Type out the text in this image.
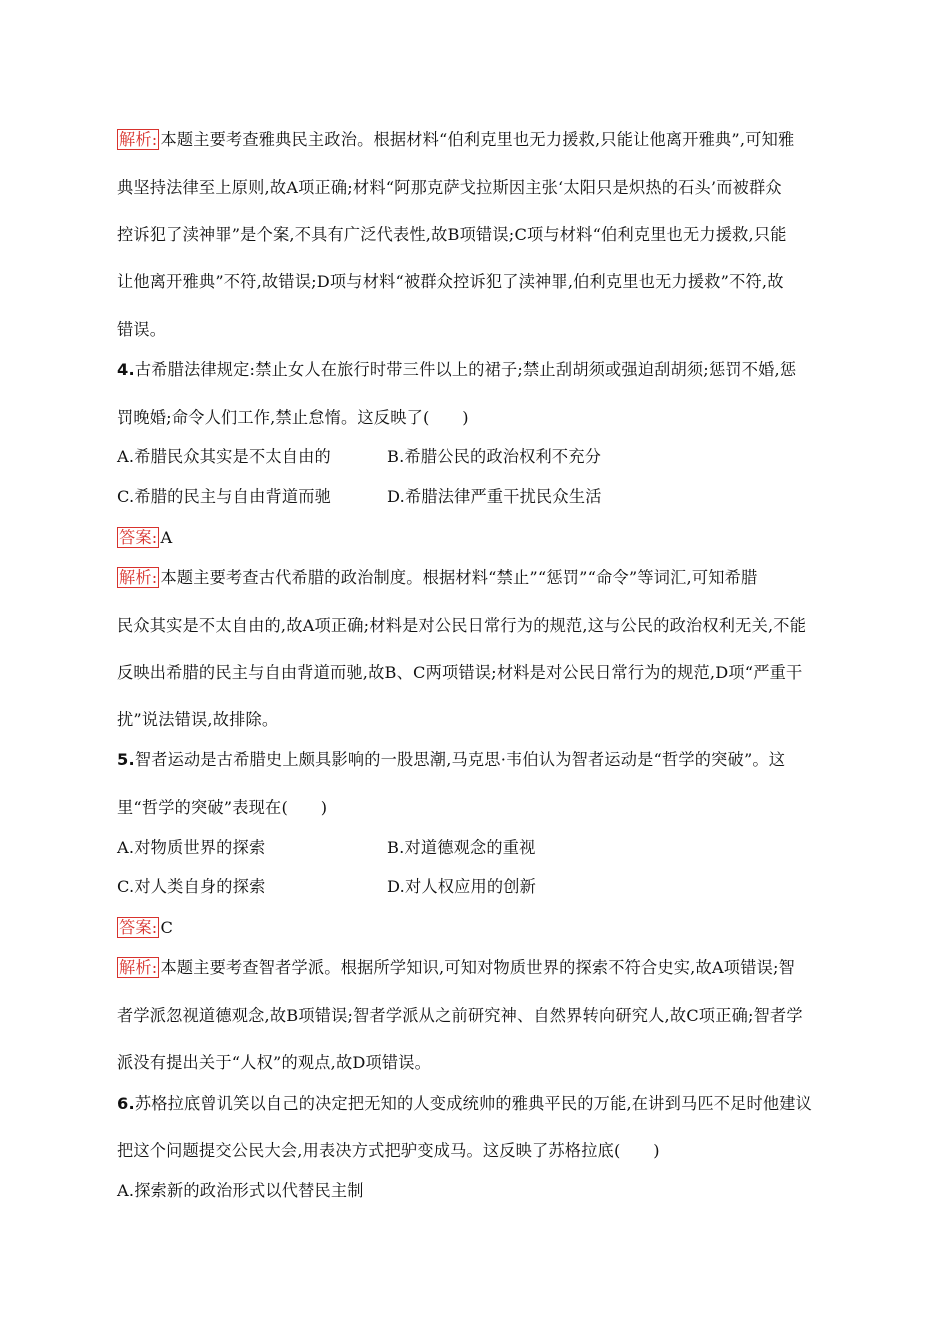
解析: 本题主要考查雅典民主政治。根据材料“伯利克里也无力援救,只能让他离开雅典”,可知雅
典坚持法律至上原则,故A项正确;材料“阿那克萨戈拉斯因主张‘太阳只是炽热的石头’而被群众
控诉犯了渎神罪”是个案,不具有广泛代表性,故B项错误;C项与材料“伯利克里也无力援救,只能
让他离开雅典”不符,故错误;D项与材料“被群众控诉犯了渎神罪,伯利克里也无力援救”不符,故
错误。
4.古希腊法律规定:禁止女人在旅行时带三件以上的裙子;禁止刮胡须或强迫刮胡须;惩罚不婚,惩
罚晚婚;命令人们工作,禁止怠惰。这反映了(　　)
A.希腊民众其实是不太自由的	B.希腊公民的政治权利不充分
C.希腊的民主与自由背道而驰	D.希腊法律严重干扰民众生活
答案: A
解析: 本题主要考查古代希腊的政治制度。根据材料“禁止”“惩罚”“命令”等词汇,可知希腊
民众其实是不太自由的,故A项正确;材料是对公民日常行为的规范,这与公民的政治权利无关,不能
反映出希腊的民主与自由背道而驰,故B、C两项错误;材料是对公民日常行为的规范,D项“严重干
扰”说法错误,故排除。
5.智者运动是古希腊史上颇具影响的一股思潮,马克思·韦伯认为智者运动是“哲学的突破”。这
里“哲学的突破”表现在(　　)
A.对物质世界的探索	B.对道德观念的重视
C.对人类自身的探索	D.对人权应用的创新
答案: C
解析: 本题主要考查智者学派。根据所学知识,可知对物质世界的探索不符合史实,故A项错误;智
者学派忽视道德观念,故B项错误;智者学派从之前研究神、自然界转向研究人,故C项正确;智者学
派没有提出关于“人权”的观点,故D项错误。
6.苏格拉底曾讥笑以自己的决定把无知的人变成统帅的雅典平民的万能,在讲到马匹不足时他建议
把这个问题提交公民大会,用表决方式把驴变成马。这反映了苏格拉底(　　)
A.探索新的政治形式以代替民主制
